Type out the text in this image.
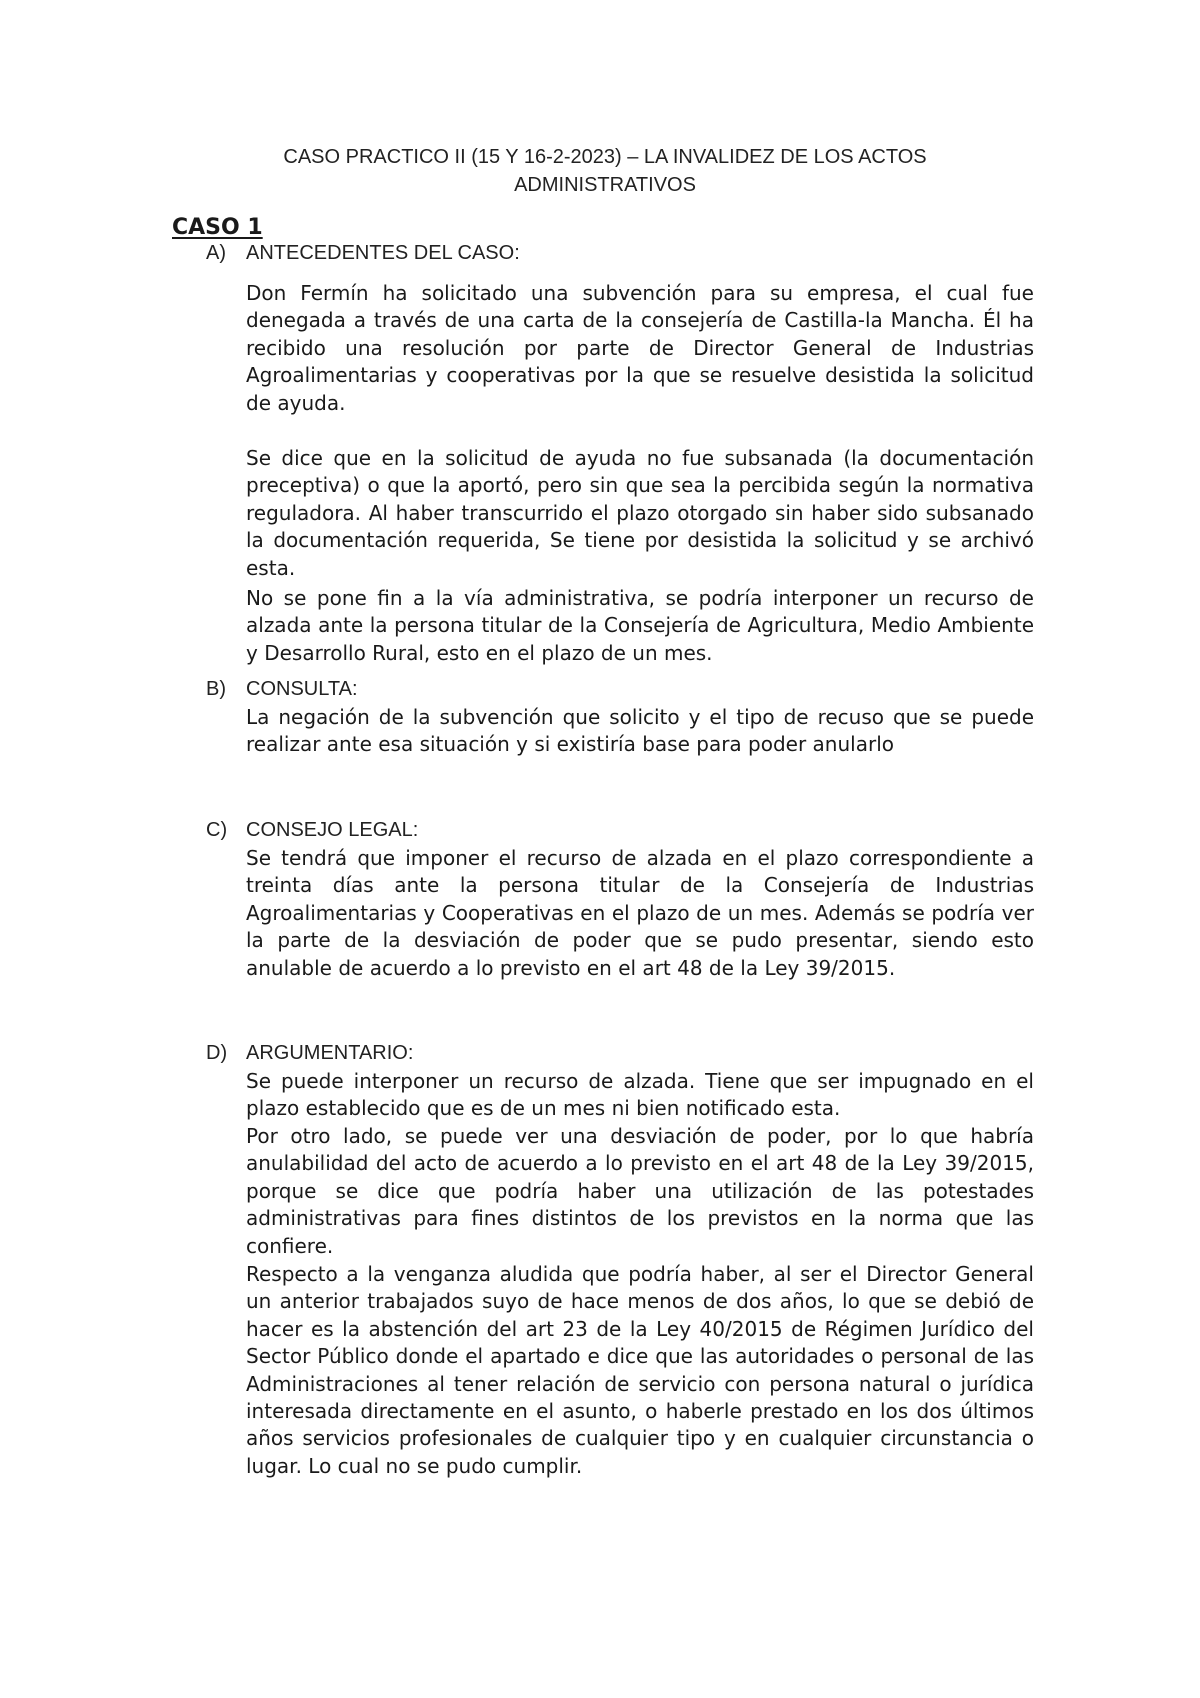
CASO PRACTICO II (15 Y 16-2-2023) – LA INVALIDEZ DE LOS ACTOS
ADMINISTRATIVOS
CASO 1
A) ANTECEDENTES DEL CASO:

Don Fermín ha solicitado una subvención para su empresa, el cual fue denegada a través de una carta de la consejería de Castilla-la Mancha. Él ha recibido una resolución por parte de Director General de Industrias Agroalimentarias y cooperativas por la que se resuelve desistida la solicitud de ayuda.

Se dice que en la solicitud de ayuda no fue subsanada (la documentación preceptiva) o que la aportó, pero sin que sea la percibida según la normativa reguladora. Al haber transcurrido el plazo otorgado sin haber sido subsanado la documentación requerida, Se tiene por desistida la solicitud y se archivó esta.

No se pone fin a la vía administrativa, se podría interponer un recurso de alzada ante la persona titular de la Consejería de Agricultura, Medio Ambiente y Desarrollo Rural, esto en el plazo de un mes.

B) CONSULTA:

La negación de la subvención que solicito y el tipo de recuso que se puede realizar ante esa situación y si existiría base para poder anularlo

C) CONSEJO LEGAL:

Se tendrá que imponer el recurso de alzada en el plazo correspondiente a treinta días ante la persona titular de la Consejería de Industrias Agroalimentarias y Cooperativas en el plazo de un mes. Además se podría ver la parte de la desviación de poder que se pudo presentar, siendo esto anulable de acuerdo a lo previsto en el art 48 de la Ley 39/2015.

D) ARGUMENTARIO:

Se puede interponer un recurso de alzada. Tiene que ser impugnado en el plazo establecido que es de un mes ni bien notificado esta.

Por otro lado, se puede ver una desviación de poder, por lo que habría anulabilidad del acto de acuerdo a lo previsto en el art 48 de la Ley 39/2015, porque se dice que podría haber una utilización de las potestades administrativas para fines distintos de los previstos en la norma que las confiere.

Respecto a la venganza aludida que podría haber, al ser el Director General un anterior trabajados suyo de hace menos de dos años, lo que se debió de hacer es la abstención del art 23 de la Ley 40/2015 de Régimen Jurídico del Sector Público donde el apartado e dice que las autoridades o personal de las Administraciones al tener relación de servicio con persona natural o jurídica interesada directamente en el asunto, o haberle prestado en los dos últimos años servicios profesionales de cualquier tipo y en cualquier circunstancia o lugar. Lo cual no se pudo cumplir.
